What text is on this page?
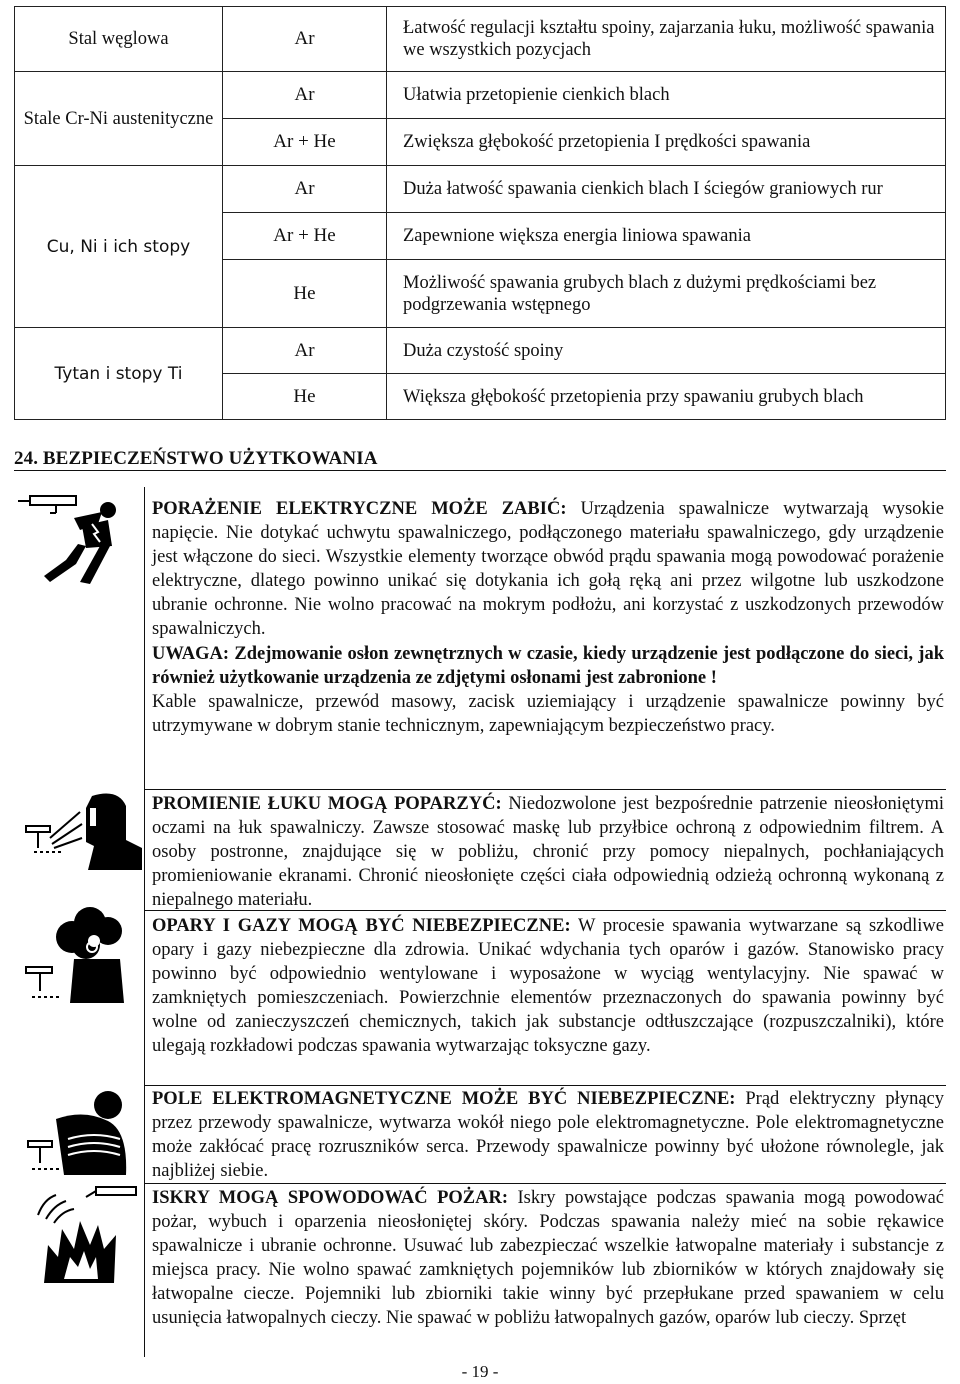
Stal węglowa	Ar	Łatwość regulacji kształtu spoiny, zajarzania łuku, możliwość spawania we wszystkich pozycjach
Stale Cr-Ni austenityczne	Ar	Ułatwia przetopienie cienkich blach
	Ar + He	Zwiększa głębokość przetopienia I prędkości spawania
Cu, Ni i ich stopy	Ar	Duża łatwość spawania cienkich blach I ściegów graniowych rur
	Ar + He	Zapewnione większa energia liniowa spawania
	He	Możliwość spawania grubych blach z dużymi prędkościami bez podgrzewania wstępnego
Tytan i stopy Ti	Ar	Duża czystość spoiny
	He	Większa głębokość przetopienia przy spawaniu grubych blach
24. BEZPIECZEŃSTWO UŻYTKOWANIA

PORAŻENIE ELEKTRYCZNE MOŻE ZABIĆ: Urządzenia spawalnicze wytwarzają wysokie napięcie. Nie dotykać uchwytu spawalniczego, podłączonego materiału spawalniczego, gdy urządzenie jest włączone do sieci. Wszystkie elementy tworzące obwód prądu spawania mogą powodować porażenie elektryczne, dlatego powinno unikać się dotykania ich gołą ręką ani przez wilgotne lub uszkodzone ubranie ochronne. Nie wolno pracować na mokrym podłożu, ani korzystać z uszkodzonych przewodów spawalniczych.

UWAGA: Zdejmowanie osłon zewnętrznych w czasie, kiedy urządzenie jest podłączone do sieci, jak również użytkowanie urządzenia ze zdjętymi osłonami jest zabronione !

Kable spawalnicze, przewód masowy, zacisk uziemiający i urządzenie spawalnicze powinny być utrzymywane w dobrym stanie technicznym, zapewniającym bezpieczeństwo pracy.

PROMIENIE ŁUKU MOGĄ POPARZYĆ: Niedozwolone jest bezpośrednie patrzenie nieosłoniętymi oczami na łuk spawalniczy. Zawsze stosować maskę lub przyłbice ochroną z odpowiednim filtrem. A osoby postronne, znajdujące się w pobliżu, chronić przy pomocy niepalnych, pochłaniających promieniowanie ekranami. Chronić nieosłonięte części ciała odpowiednią odzieżą ochronną wykonaną z niepalnego materiału.

OPARY I GAZY MOGĄ BYĆ NIEBEZPIECZNE: W procesie spawania wytwarzane są szkodliwe opary i gazy niebezpieczne dla zdrowia. Unikać wdychania tych oparów i gazów. Stanowisko pracy powinno być odpowiednio wentylowane i wyposażone w wyciąg wentylacyjny. Nie spawać w zamkniętych pomieszczeniach. Powierzchnie elementów przeznaczonych do spawania powinny być wolne od zanieczyszczeń chemicznych, takich jak substancje odtłuszczające (rozpuszczalniki), które ulegają rozkładowi podczas spawania wytwarzając toksyczne gazy.

POLE ELEKTROMAGNETYCZNE MOŻE BYĆ NIEBEZPIECZNE: Prąd elektryczny płynący przez przewody spawalnicze, wytwarza wokół niego pole elektromagnetyczne. Pole elektromagnetyczne może zakłócać pracę rozruszników serca. Przewody spawalnicze powinny być ułożone równolegle, jak najbliżej siebie.

ISKRY MOGĄ SPOWODOWAĆ POŻAR: Iskry powstające podczas spawania mogą powodować pożar, wybuch i oparzenia nieosłoniętej skóry. Podczas spawania należy mieć na sobie rękawice spawalnicze i ubranie ochronne. Usuwać lub zabezpieczać wszelkie łatwopalne materiały i substancje z miejsca pracy. Nie wolno spawać zamkniętych pojemników lub zbiorników w których znajdowały się łatwopalne ciecze. Pojemniki lub zbiorniki takie winny być przepłukane przed spawaniem w celu usunięcia łatwopalnych cieczy. Nie spawać w pobliżu łatwopalnych gazów, oparów lub cieczy. Sprzęt

- 19 -
